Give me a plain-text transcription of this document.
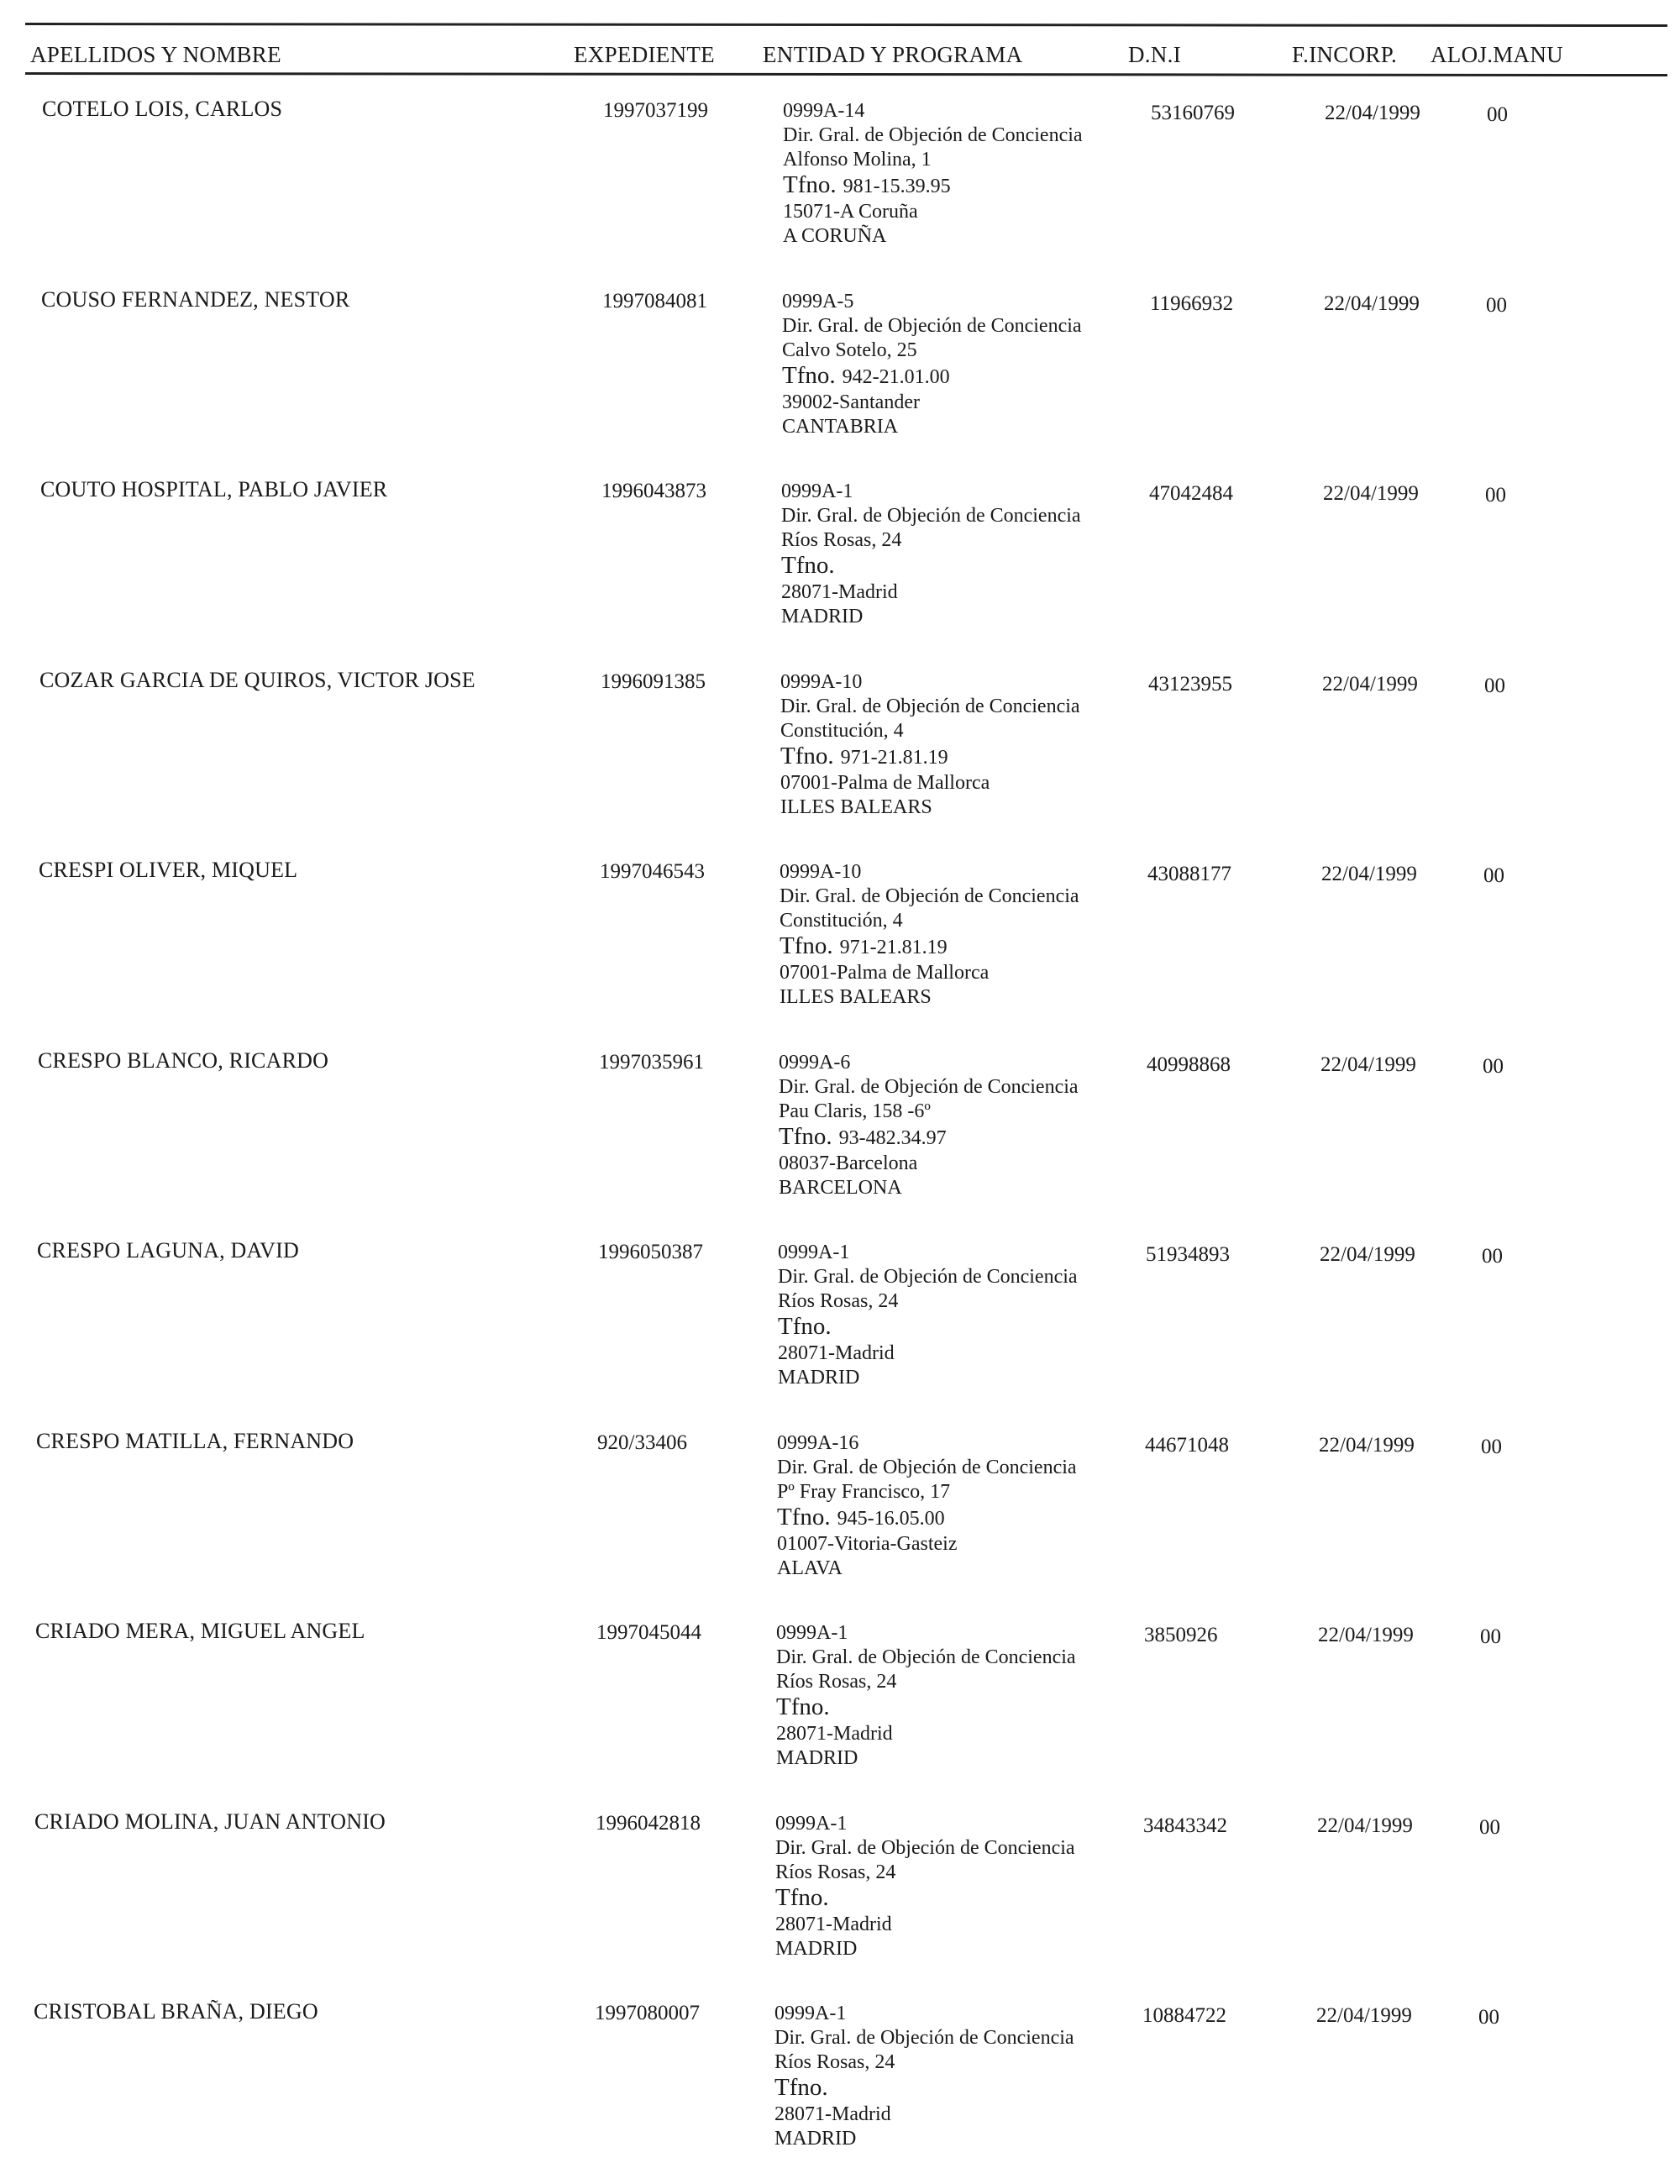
APELLIDOS Y NOMBRE	EXPEDIENTE ENTIDAD Y PROGRAMA	D.N.I	F.INCORP. ALOJ.MANU
COTELO LOIS, CARLOS	1997037199	0999A-14
Dir. Gral. de Objeción de Conciencia
Alfonso Molina, 1
Tfno. 981-15.39.95
15071-A Coruña
A CORUÑA
53160769	22/04/1999	00
COUSO FERNANDEZ, NESTOR	1997084081	0999A-5
Dir. Gral. de Objeción de Conciencia
Calvo Sotelo, 25
Tfno. 942-21.01.00
39002-Santander
CANTABRIA
11966932	22/04/1999	00
COUTO HOSPITAL, PABLO JAVIER	1996043873	0999A-1
Dir. Gral. de Objeción de Conciencia
Ríos Rosas, 24
Tfno.
28071-Madrid
MADRID
47042484	22/04/1999	00
COZAR GARCIA DE QUIROS, VICTOR JOSE	1996091385	0999A-10
Dir. Gral. de Objeción de Conciencia
Constitución, 4
Tfno. 971-21.81.19
07001-Palma de Mallorca
ILLES BALEARS
43123955	22/04/1999	00
CRESPI OLIVER, MIQUEL	1997046543	0999A-10
Dir. Gral. de Objeción de Conciencia
Constitución, 4
Tfno. 971-21.81.19
07001-Palma de Mallorca
ILLES BALEARS
43088177	22/04/1999	00
CRESPO BLANCO, RICARDO	1997035961	0999A-6
Dir. Gral. de Objeción de Conciencia
Pau Claris, 158 -6º
Tfno. 93-482.34.97
08037-Barcelona
BARCELONA
40998868	22/04/1999	00
CRESPO LAGUNA, DAVID	1996050387	0999A-1
Dir. Gral. de Objeción de Conciencia
Ríos Rosas, 24
Tfno.
28071-Madrid
MADRID
51934893	22/04/1999	00
CRESPO MATILLA, FERNANDO	920/33406	0999A-16
Dir. Gral. de Objeción de Conciencia
Pº Fray Francisco, 17
Tfno. 945-16.05.00
01007-Vitoria-Gasteiz
ALAVA
44671048	22/04/1999	00
CRIADO MERA, MIGUEL ANGEL	1997045044	0999A-1
Dir. Gral. de Objeción de Conciencia
Ríos Rosas, 24
Tfno.
28071-Madrid
MADRID
3850926	22/04/1999	00
CRIADO MOLINA, JUAN ANTONIO	1996042818	0999A-1
Dir. Gral. de Objeción de Conciencia
Ríos Rosas, 24
Tfno.
28071-Madrid
MADRID
34843342	22/04/1999	00
CRISTOBAL BRAÑA, DIEGO	1997080007	0999A-1
Dir. Gral. de Objeción de Conciencia
Ríos Rosas, 24
Tfno.
28071-Madrid
MADRID
10884722	22/04/1999	00
